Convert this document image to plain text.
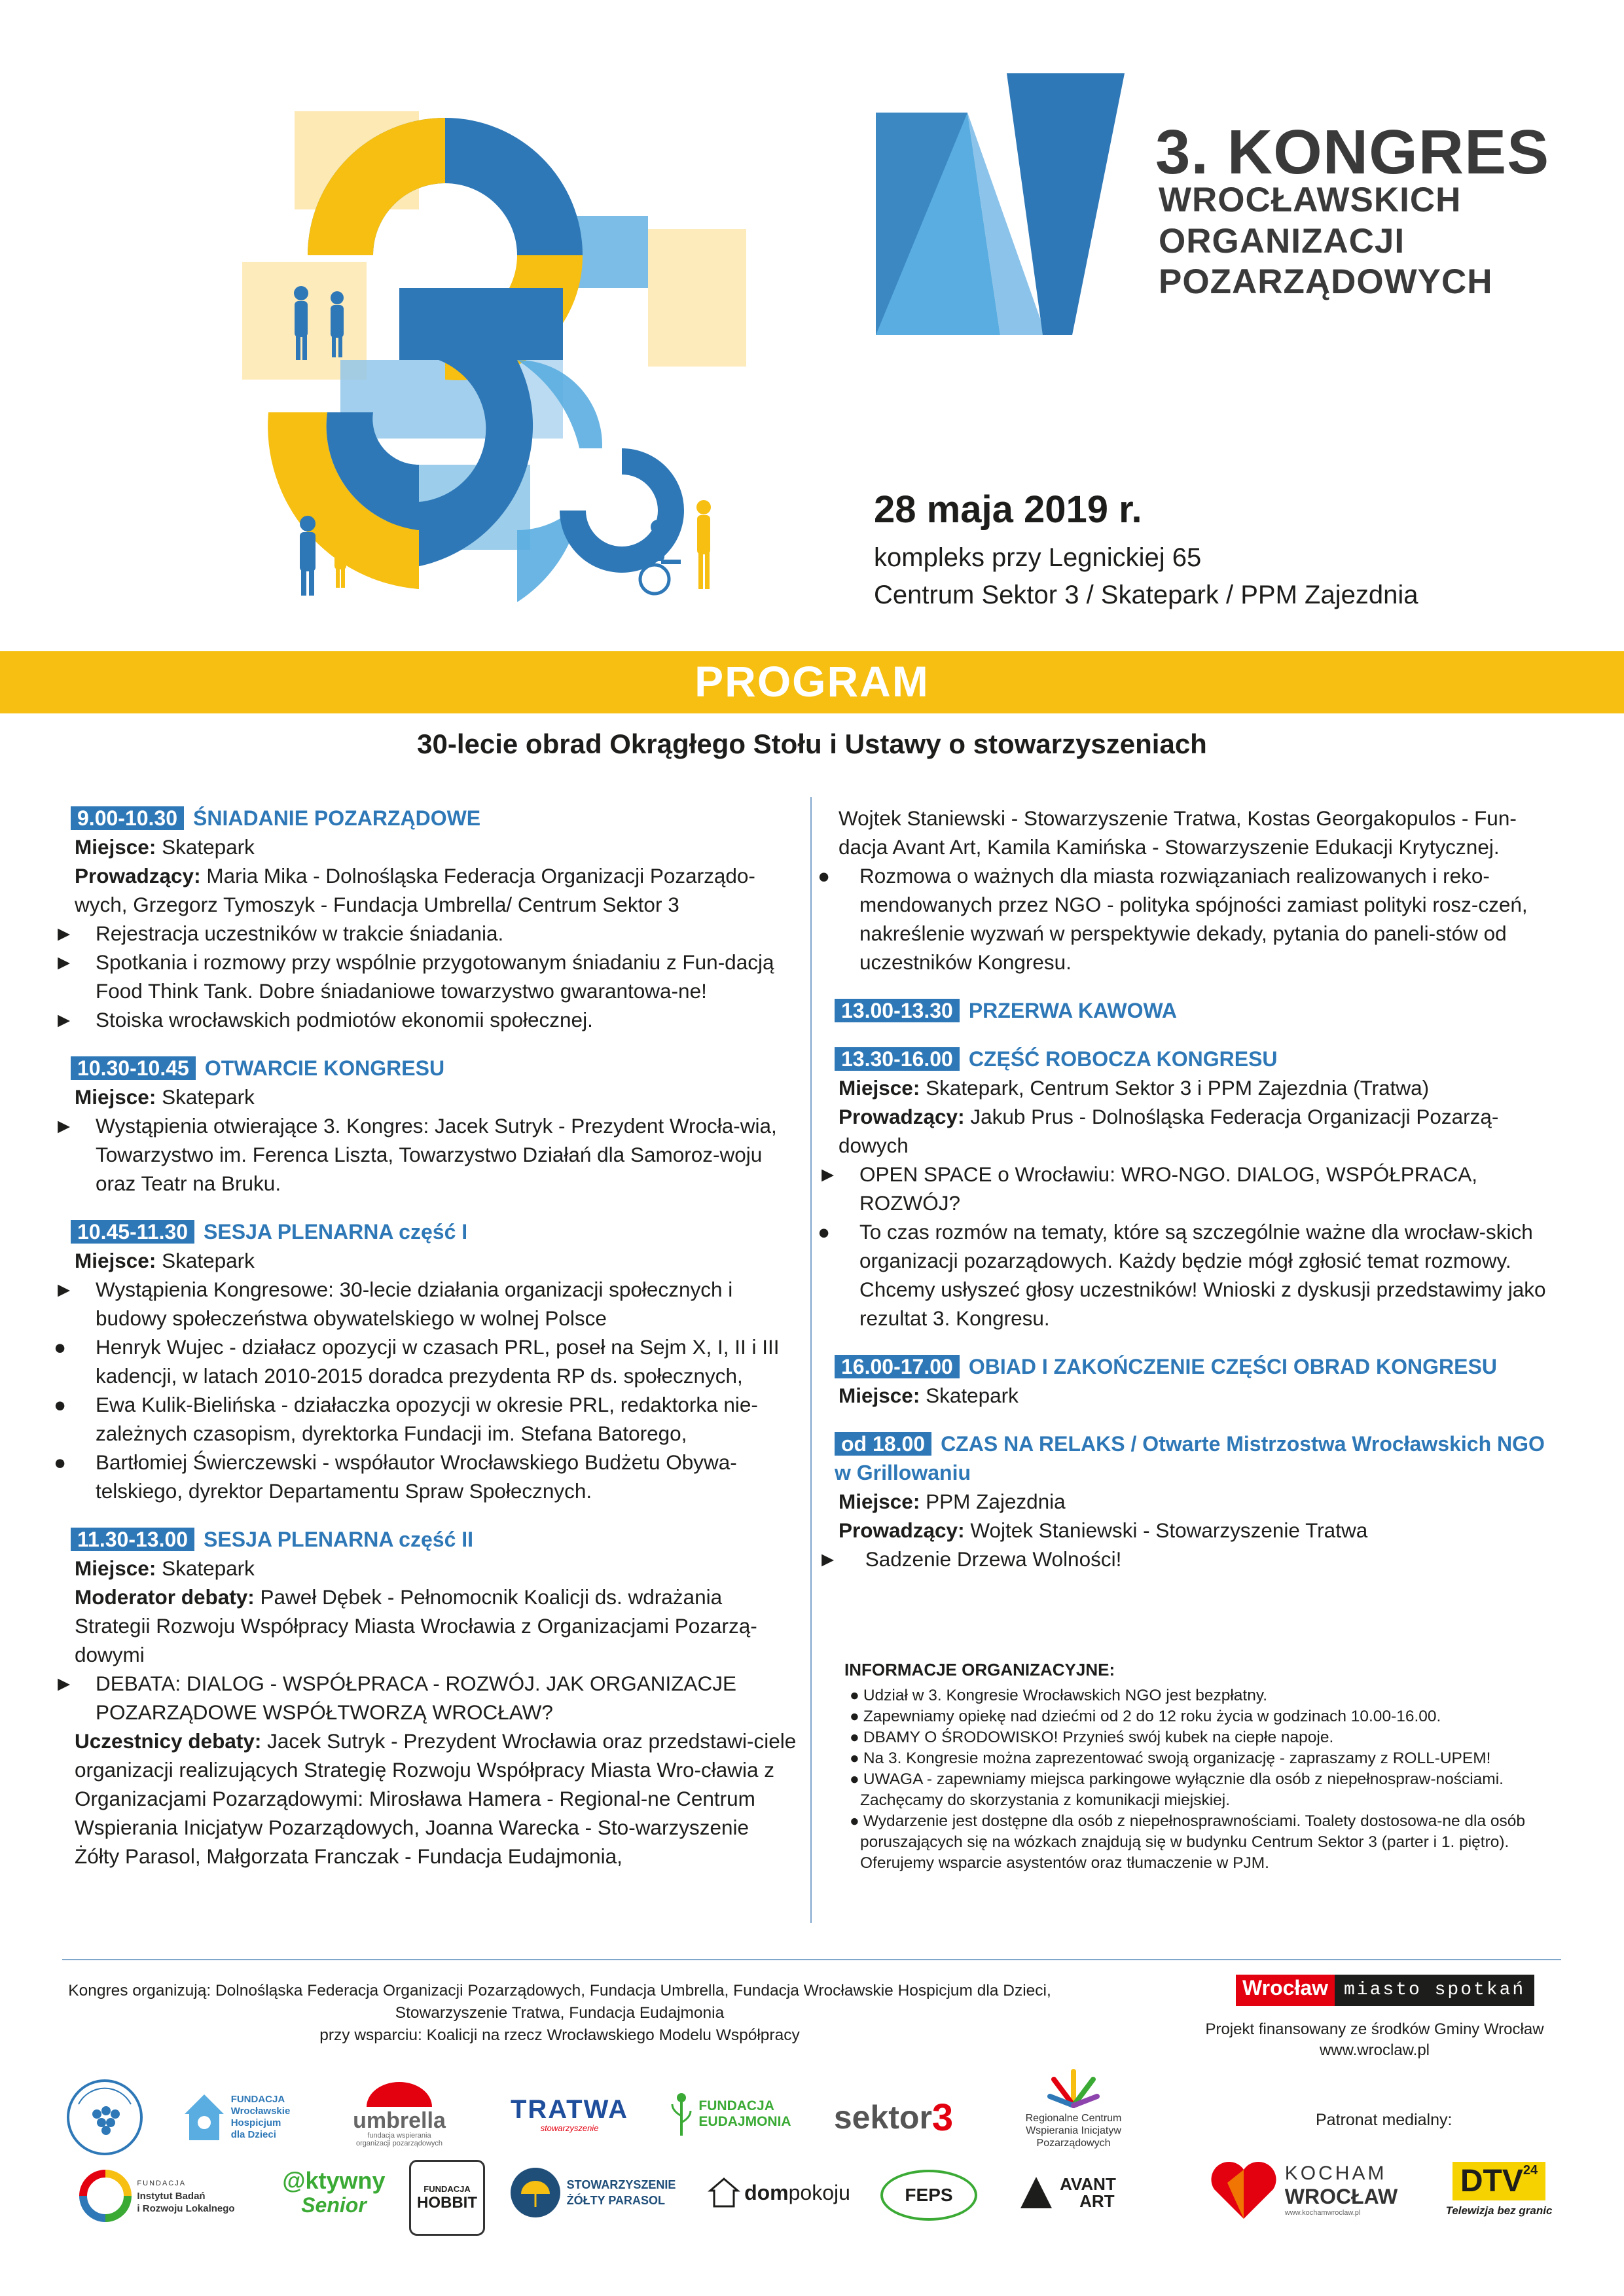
3. KONGRES
WROCŁAWSKICH
ORGANIZACJI
POZARZĄDOWYCH
28 maja 2019 r.
kompleks przy Legnickiej 65
Centrum Sektor 3 / Skatepark / PPM Zajezdnia
PROGRAM
30-lecie obrad Okrągłego Stołu i Ustawy o stowarzyszeniach
9.00-10.30 ŚNIADANIE POZARZĄDOWE
Miejsce: Skatepark
Prowadzący: Maria Mika - Dolnośląska Federacja Organizacji Pozarządo-wych, Grzegorz Tymoszyk - Fundacja Umbrella/ Centrum Sektor 3
► Rejestracja uczestników w trakcie śniadania.
► Spotkania i rozmowy przy wspólnie przygotowanym śniadaniu z Fun-dacją Food Think Tank. Dobre śniadaniowe towarzystwo gwarantowa-ne!
► Stoiska wrocławskich podmiotów ekonomii społecznej.
10.30-10.45 OTWARCIE KONGRESU
Miejsce: Skatepark
► Wystąpienia otwierające 3. Kongres: Jacek Sutryk - Prezydent Wrocła-wia, Towarzystwo im. Ferenca Liszta, Towarzystwo Działań dla Samoroz-woju oraz Teatr na Bruku.
10.45-11.30 SESJA PLENARNA część I
Miejsce: Skatepark
► Wystąpienia Kongresowe: 30-lecie działania organizacji społecznych i budowy społeczeństwa obywatelskiego w wolnej Polsce
● Henryk Wujec - działacz opozycji w czasach PRL, poseł na Sejm X, I, II i III kadencji, w latach 2010-2015 doradca prezydenta RP ds. społecznych,
● Ewa Kulik-Bielińska - działaczka opozycji w okresie PRL, redaktorka nie-zależnych czasopism, dyrektorka Fundacji im. Stefana Batorego,
● Bartłomiej Świerczewski - współautor Wrocławskiego Budżetu Obywa-telskiego, dyrektor Departamentu Spraw Społecznych.
11.30-13.00 SESJA PLENARNA część II
Miejsce: Skatepark
Moderator debaty: Paweł Dębek - Pełnomocnik Koalicji ds. wdrażania Strategii Rozwoju Współpracy Miasta Wrocławia z Organizacjami Pozarzą-dowymi
► DEBATA: DIALOG - WSPÓŁPRACA - ROZWÓJ. JAK ORGANIZACJE POZARZĄDOWE WSPÓŁTWORZĄ WROCŁAW?
Uczestnicy debaty: Jacek Sutryk - Prezydent Wrocławia oraz przedstawi-ciele organizacji realizujących Strategię Rozwoju Współpracy Miasta Wro-cławia z Organizacjami Pozarządowymi: Mirosława Hamera - Regional-ne Centrum Wspierania Inicjatyw Pozarządowych, Joanna Warecka - Sto-warzyszenie Żółty Parasol, Małgorzata Franczak - Fundacja Eudajmonia,
Wojtek Staniewski - Stowarzyszenie Tratwa, Kostas Georgakopulos - Fun-dacja Avant Art, Kamila Kamińska - Stowarzyszenie Edukacji Krytycznej.
● Rozmowa o ważnych dla miasta rozwiązaniach realizowanych i reko-mendowanych przez NGO - polityka spójności zamiast polityki rosz-czeń, nakreślenie wyzwań w perspektywie dekady, pytania do paneli-stów od uczestników Kongresu.
13.00-13.30 PRZERWA KAWOWA
13.30-16.00 CZĘŚĆ ROBOCZA KONGRESU
Miejsce: Skatepark, Centrum Sektor 3 i PPM Zajezdnia (Tratwa)
Prowadzący: Jakub Prus - Dolnośląska Federacja Organizacji Pozarzą-dowych
► OPEN SPACE o Wrocławiu: WRO-NGO. DIALOG, WSPÓŁPRACA, ROZWÓJ?
● To czas rozmów na tematy, które są szczególnie ważne dla wrocław-skich organizacji pozarządowych. Każdy będzie mógł zgłosić temat rozmowy. Chcemy usłyszeć głosy uczestników! Wnioski z dyskusji przedstawimy jako rezultat 3. Kongresu.
16.00-17.00 OBIAD I ZAKOŃCZENIE CZĘŚCI OBRAD KONGRESU
Miejsce: Skatepark
od 18.00 CZAS NA RELAKS / Otwarte Mistrzostwa Wrocławskich NGO w Grillowaniu
Miejsce: PPM Zajezdnia
Prowadzący: Wojtek Staniewski - Stowarzyszenie Tratwa
► Sadzenie Drzewa Wolności!
INFORMACJE ORGANIZACYJNE:
● Udział w 3. Kongresie Wrocławskich NGO jest bezpłatny.
● Zapewniamy opiekę nad dziećmi od 2 do 12 roku życia w godzinach 10.00-16.00.
● DBAMY O ŚRODOWISKO! Przynieś swój kubek na ciepłe napoje.
● Na 3. Kongresie można zaprezentować swoją organizację - zapraszamy z ROLL-UPEM!
● UWAGA - zapewniamy miejsca parkingowe wyłącznie dla osób z niepełnospraw-nościami. Zachęcamy do skorzystania z komunikacji miejskiej.
● Wydarzenie jest dostępne dla osób z niepełnosprawnościami. Toalety dostosowa-ne dla osób poruszających się na wózkach znajdują się w budynku Centrum Sektor 3 (parter i 1. piętro). Oferujemy wsparcie asystentów oraz tłumaczenie w PJM.
Kongres organizują: Dolnośląska Federacja Organizacji Pozarządowych, Fundacja Umbrella, Fundacja Wrocławskie Hospicjum dla Dzieci,
Stowarzyszenie Tratwa, Fundacja Eudajmonia
przy wsparciu: Koalicji na rzecz Wrocławskiego Modelu Współpracy
Wrocław miasto spotkań
Projekt finansowany ze środków Gminy Wrocław
www.wroclaw.pl
Patronat medialny:
FUNDACJA
Wrocławskie
Hospicjum
dla Dzieci
umbrella
fundacja wspierania
organizacji pozarządowych
TRATWA
stowarzyszenie
FUNDACJA
EUDAJMONIA sektor 3	Regionalne Centrum
Wspierania Inicjatyw
Pozarządowych
FUNDACJA
Instytut Badań
i Rozwoju Lokalnego
@ktywny
Senior
FUNDACJA
HOBBIT
STOWARZYSZENIE
ŻÓŁTY PARASOL	dom pokoju	FEPS
AVANT
ART
KOCHAM
WROCŁAW
www.kochamwroclaw.pl
DTV 24
Telewizja bez granic
